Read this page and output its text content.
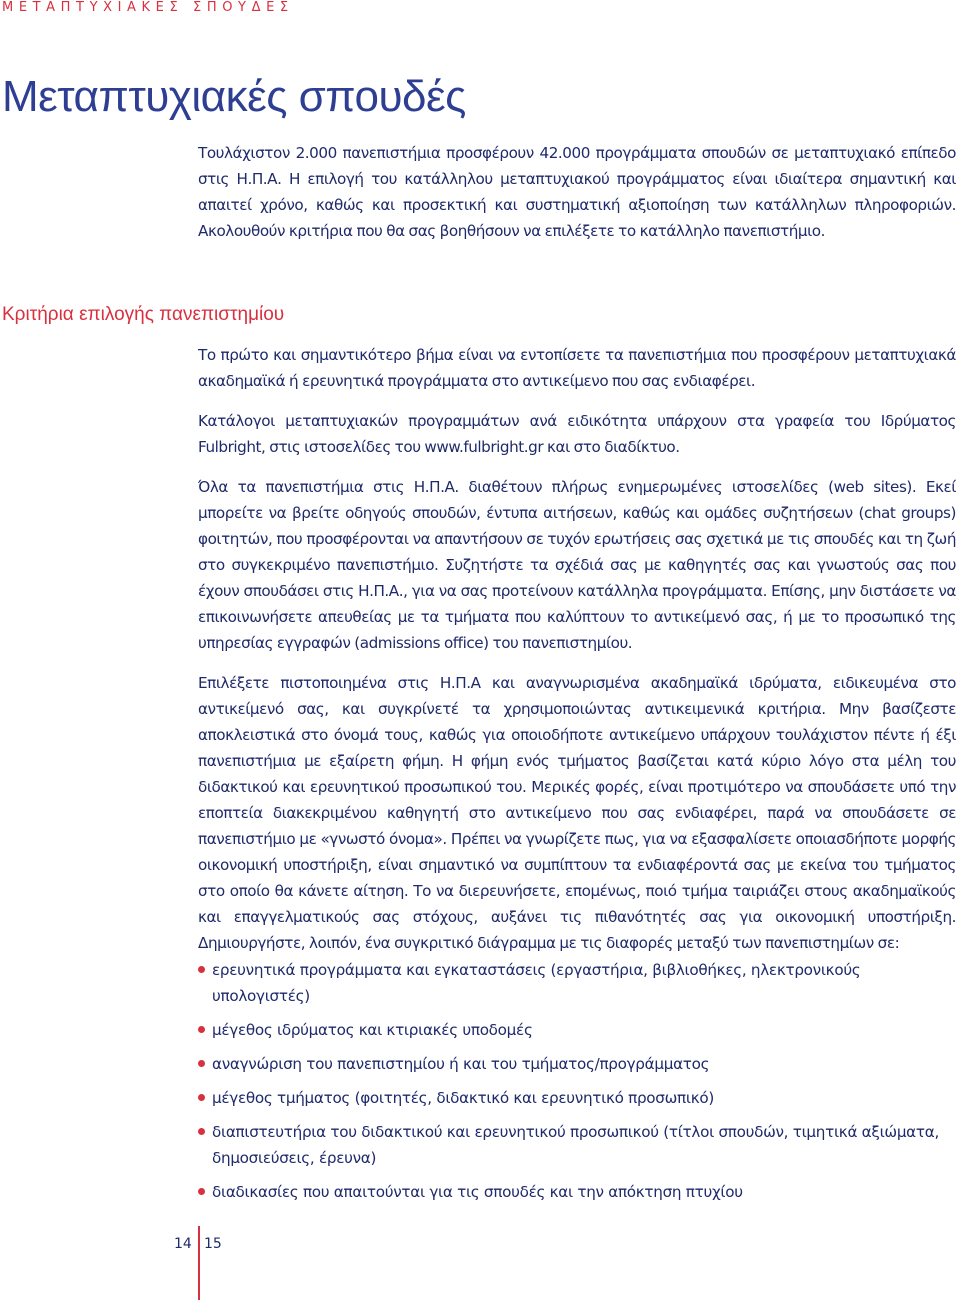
ΜΕΤΑΠΤΥΧΙΑΚΕΣ ΣΠΟΥΔΕΣ
Μεταπτυχιακές σπουδές

Τουλάχιστον 2.000 πανεπιστήμια προσφέρουν 42.000 προγράμματα σπουδών σε μεταπτυχιακό επίπεδο στις Η.Π.Α. Η επιλογή του κατάλληλου μεταπτυχιακού προγράμματος είναι ιδιαίτερα σημαντική και απαιτεί χρόνο, καθώς και προσεκτική και συστηματική αξιοποίηση των κατάλληλων πληροφοριών. Ακολουθούν κριτήρια που θα σας βοηθήσουν να επιλέξετε το κατάλληλο πανεπιστήμιο.

Κριτήρια επιλογής πανεπιστημίου

Το πρώτο και σημαντικότερο βήμα είναι να εντοπίσετε τα πανεπιστήμια που προσφέρουν μεταπτυχιακά ακαδημαϊκά ή ερευνητικά προγράμματα στο αντικείμενο που σας ενδιαφέρει.

Κατάλογοι μεταπτυχιακών προγραμμάτων ανά ειδικότητα υπάρχουν στα γραφεία του Ιδρύματος Fulbright, στις ιστοσελίδες του www.fulbright.gr και στο διαδίκτυο.

Όλα τα πανεπιστήμια στις Η.Π.Α. διαθέτουν πλήρως ενημερωμένες ιστοσελίδες (web sites). Εκεί μπορείτε να βρείτε οδηγούς σπουδών, έντυπα αιτήσεων, καθώς και ομάδες συζητήσεων (chat groups) φοιτητών, που προσφέρονται να απαντήσουν σε τυχόν ερωτήσεις σας σχετικά με τις σπουδές και τη ζωή στο συγκεκριμένο πανεπιστήμιο. Συζητήστε τα σχέδιά σας με καθηγητές σας και γνωστούς σας που έχουν σπουδάσει στις Η.Π.Α., για να σας προτείνουν κατάλληλα προγράμματα. Επίσης, μην διστάσετε να επικοινωνήσετε απευθείας με τα τμήματα που καλύπτουν το αντικείμενό σας, ή με το προσωπικό της υπηρεσίας εγγραφών (admissions office) του πανεπιστημίου.

Επιλέξετε πιστοποιημένα στις Η.Π.Α και αναγνωρισμένα ακαδημαϊκά ιδρύματα, ειδικευμένα στο αντικείμενό σας, και συγκρίνετέ τα χρησιμοποιώντας αντικειμενικά κριτήρια. Μην βασίζεστε αποκλειστικά στο όνομά τους, καθώς για οποιοδήποτε αντικείμενο υπάρχουν τουλάχιστον πέντε ή έξι πανεπιστήμια με εξαίρετη φήμη. Η φήμη ενός τμήματος βασίζεται κατά κύριο λόγο στα μέλη του διδακτικού και ερευνητικού προσωπικού του. Μερικές φορές, είναι προτιμότερο να σπουδάσετε υπό την εποπτεία διακεκριμένου καθηγητή στο αντικείμενο που σας ενδιαφέρει, παρά να σπουδάσετε σε πανεπιστήμιο με «γνωστό όνομα». Πρέπει να γνωρίζετε πως, για να εξασφαλίσετε οποιασδήποτε μορφής οικονομική υποστήριξη, είναι σημαντικό να συμπίπτουν τα ενδιαφέροντά σας με εκείνα του τμήματος στο οποίο θα κάνετε αίτηση. Το να διερευνήσετε, επομένως, ποιό τμήμα ταιριάζει στους ακαδημαϊκούς και επαγγελματικούς σας στόχους, αυξάνει τις πιθανότητές σας για οικονομική υποστήριξη. Δημιουργήστε, λοιπόν, ένα συγκριτικό διάγραμμα με τις διαφορές μεταξύ των πανεπιστημίων σε:

ερευνητικά προγράμματα και εγκαταστάσεις (εργαστήρια, βιβλιοθήκες, ηλεκτρονικούς υπολογιστές)
μέγεθος ιδρύματος και κτιριακές υποδομές
αναγνώριση του πανεπιστημίου ή και του τμήματος/προγράμματος
μέγεθος τμήματος (φοιτητές, διδακτικό και ερευνητικό προσωπικό)
διαπιστευτήρια του διδακτικού και ερευνητικού προσωπικού (τίτλοι σπουδών, τιμητικά αξιώματα, δημοσιεύσεις, έρευνα)
διαδικασίες που απαιτούνται για τις σπουδές και την απόκτηση πτυχίου
14 15
